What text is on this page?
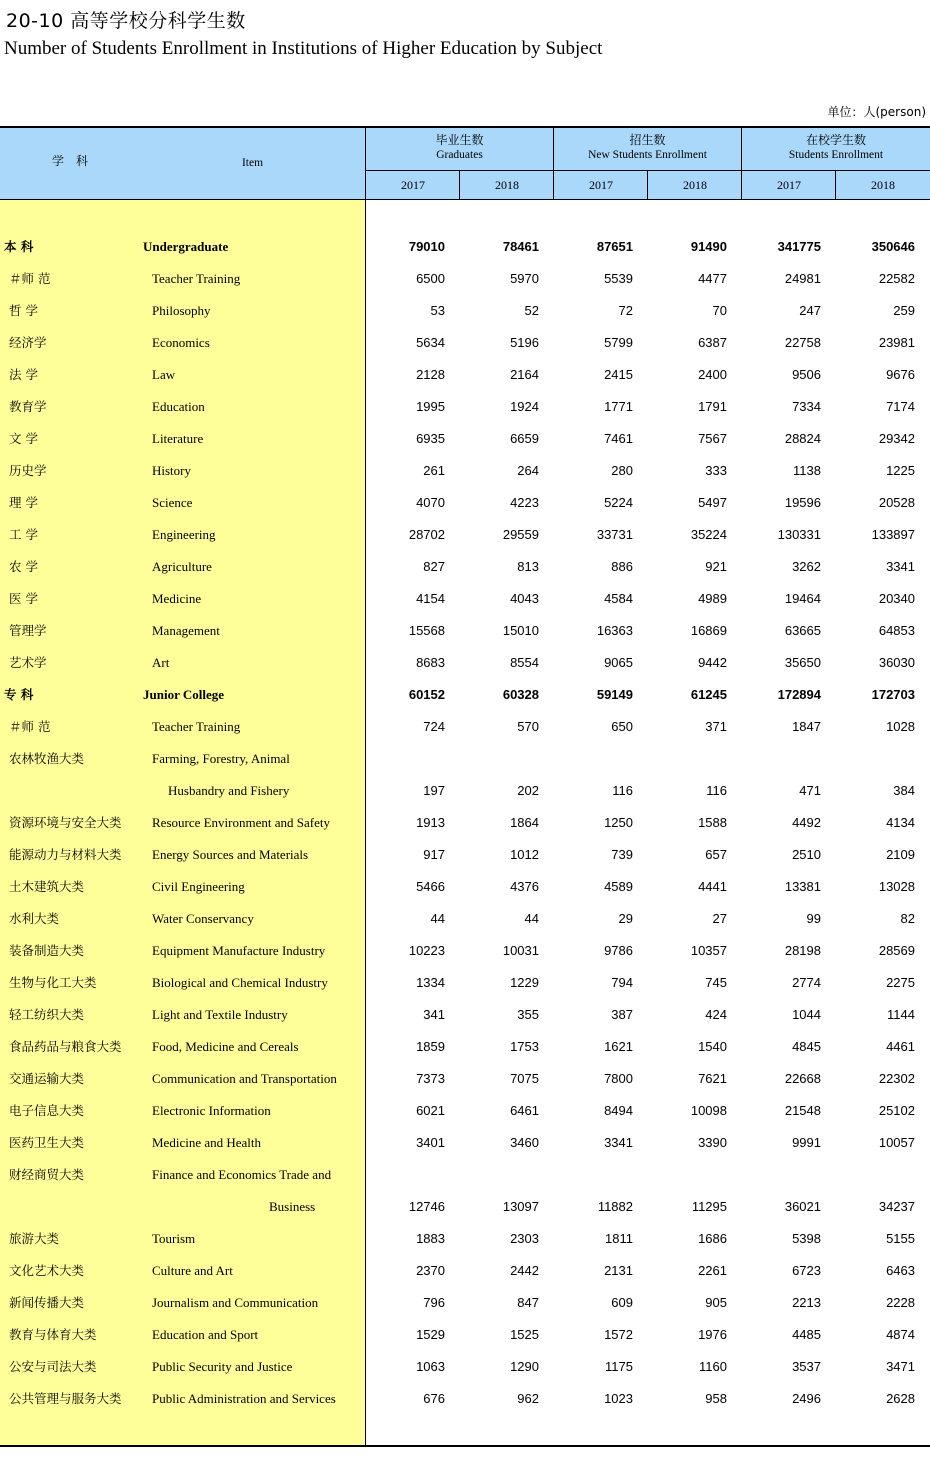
20-10 高等学校分科学生数
Number of Students Enrollment in Institutions of Higher Education by Subject
单位：人(person)
学　科	Item
毕业生数
Graduates
招生数
New Students Enrollment
在校学生数
Students Enrollment
2017	2018	2017	2018	2017	2018
本 科	Undergraduate	79010	78461	87651	91490	341775	350646
＃师 范	Teacher Training	6500	5970	5539	4477	24981	22582
哲 学	Philosophy	53	52	72	70	247	259
经济学	Economics	5634	5196	5799	6387	22758	23981
法 学	Law	2128	2164	2415	2400	9506	9676
教育学	Education	1995	1924	1771	1791	7334	7174
文 学	Literature	6935	6659	7461	7567	28824	29342
历史学	History	261	264	280	333	1138	1225
理 学	Science	4070	4223	5224	5497	19596	20528
工 学	Engineering	28702	29559	33731	35224	130331	133897
农 学	Agriculture	827	813	886	921	3262	3341
医 学	Medicine	4154	4043	4584	4989	19464	20340
管理学	Management	15568	15010	16363	16869	63665	64853
艺术学	Art	8683	8554	9065	9442	35650	36030
专 科	Junior College	60152	60328	59149	61245	172894	172703
＃师 范	Teacher Training	724	570	650	371	1847	1028
农林牧渔大类	Farming, Forestry, Animal
Husbandry and Fishery	197	202	116	116	471	384
资源环境与安全大类 Resource Environment and Safety	1913	1864	1250	1588	4492	4134
能源动力与材料大类 Energy Sources and Materials	917	1012	739	657	2510	2109
土木建筑大类	Civil Engineering	5466	4376	4589	4441	13381	13028
水利大类	Water Conservancy	44	44	29	27	99	82
装备制造大类	Equipment Manufacture Industry	10223	10031	9786	10357	28198	28569
生物与化工大类	Biological and Chemical Industry	1334	1229	794	745	2774	2275
轻工纺织大类	Light and Textile Industry	341	355	387	424	1044	1144
食品药品与粮食大类 Food, Medicine and Cereals	1859	1753	1621	1540	4845	4461
交通运输大类	Communication and Transportation	7373	7075	7800	7621	22668	22302
电子信息大类	Electronic Information	6021	6461	8494	10098	21548	25102
医药卫生大类	Medicine and Health	3401	3460	3341	3390	9991	10057
财经商贸大类	Finance and Economics Trade and
Business	12746	13097	11882	11295	36021	34237
旅游大类	Tourism	1883	2303	1811	1686	5398	5155
文化艺术大类	Culture and Art	2370	2442	2131	2261	6723	6463
新闻传播大类	Journalism and Communication	796	847	609	905	2213	2228
教育与体育大类	Education and Sport	1529	1525	1572	1976	4485	4874
公安与司法大类	Public Security and Justice	1063	1290	1175	1160	3537	3471
公共管理与服务大类 Public Administration and Services	676	962	1023	958	2496	2628
